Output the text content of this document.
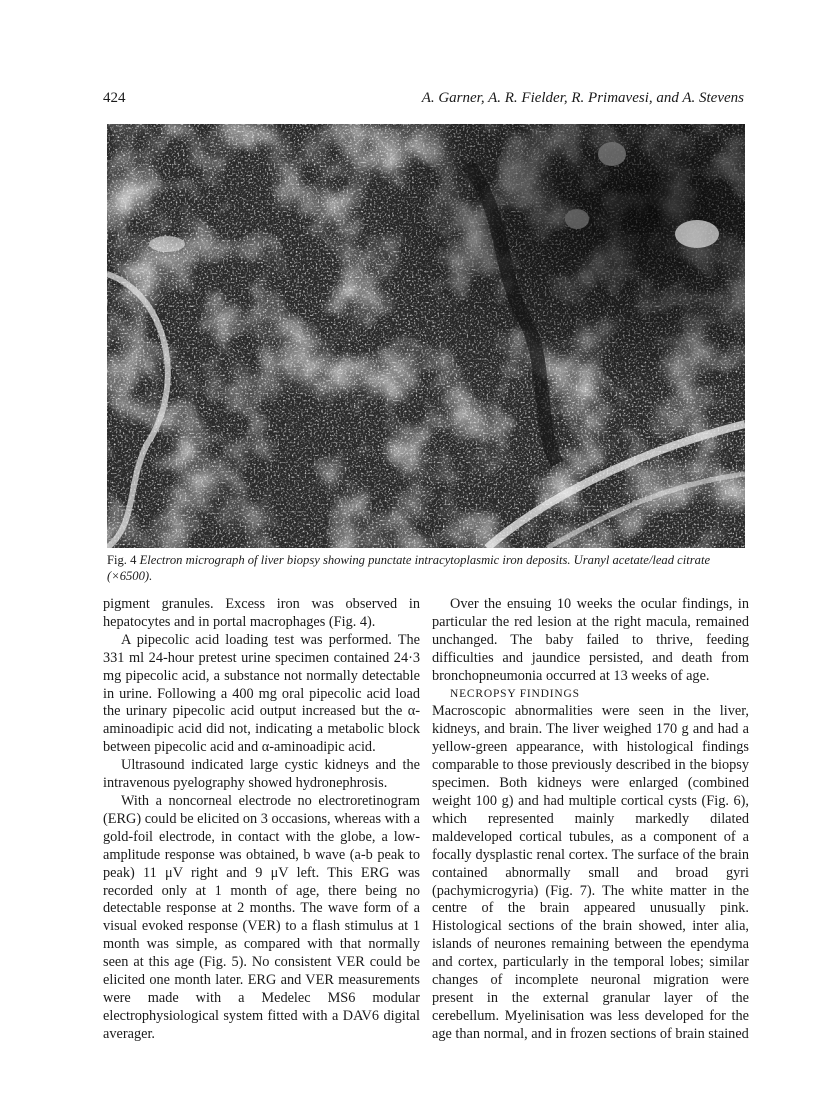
424	A. Garner, A. R. Fielder, R. Primavesi, and A. Stevens
Fig. 4 Electron micrograph of liver biopsy showing punctate intracytoplasmic iron deposits. Uranyl acetate/lead citrate (×6500).

pigment granules. Excess iron was observed in hepatocytes and in portal macrophages (Fig. 4).

A pipecolic acid loading test was performed. The 331 ml 24-hour pretest urine specimen contained 24·3 mg pipecolic acid, a substance not normally detectable in urine. Following a 400 mg oral pipecolic acid load the urinary pipecolic acid output increased but the α-aminoadipic acid did not, indicating a metabolic block between pipecolic acid and α-aminoadipic acid.

Ultrasound indicated large cystic kidneys and the intravenous pyelography showed hydronephrosis.

With a noncorneal electrode no electroretinogram (ERG) could be elicited on 3 occasions, whereas with a gold-foil electrode, in contact with the globe, a low-amplitude response was obtained, b wave (a-b peak to peak) 11 μV right and 9 μV left. This ERG was recorded only at 1 month of age, there being no detectable response at 2 months. The wave form of a visual evoked response (VER) to a flash stimulus at 1 month was simple, as compared with that normally seen at this age (Fig. 5). No consistent VER could be elicited one month later. ERG and VER measurements were made with a Medelec MS6 modular electrophysiological system fitted with a DAV6 digital averager.

Over the ensuing 10 weeks the ocular findings, in particular the red lesion at the right macula, remained unchanged. The baby failed to thrive, feeding difficulties and jaundice persisted, and death from bronchopneumonia occurred at 13 weeks of age.

NECROPSY FINDINGS

Macroscopic abnormalities were seen in the liver, kidneys, and brain. The liver weighed 170 g and had a yellow-green appearance, with histological findings comparable to those previously described in the biopsy specimen. Both kidneys were enlarged (combined weight 100 g) and had multiple cortical cysts (Fig. 6), which represented mainly markedly dilated maldeveloped cortical tubules, as a component of a focally dysplastic renal cortex. The surface of the brain contained abnormally small and broad gyri (pachymicrogyria) (Fig. 7). The white matter in the centre of the brain appeared unusually pink. Histological sections of the brain showed, inter alia, islands of neurones remaining between the ependyma and cortex, particularly in the temporal lobes; similar changes of incomplete neuronal migration were present in the external granular layer of the cerebellum. Myelinisation was less developed for the age than normal, and in frozen sections of brain stained
